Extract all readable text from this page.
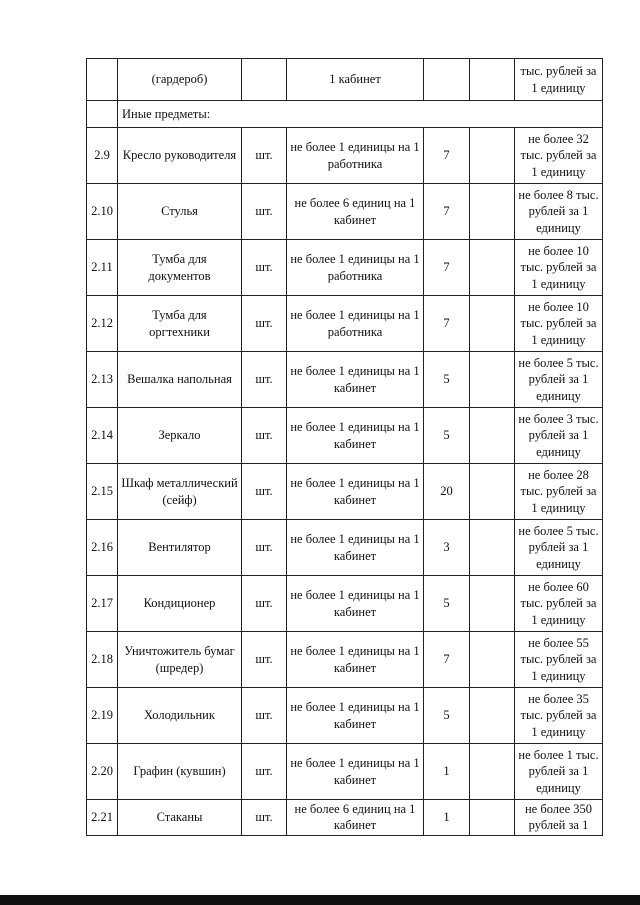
	(гардероб)		1 кабинет			тыс. рублей за 1 единицу
	Иные предметы:					
2.9	Кресло руководителя	шт.	не более 1 единицы на 1 работника	7		не более 32 тыс. рублей за 1 единицу
2.10	Стулья	шт.	не более 6 единиц на 1 кабинет	7		не более 8 тыс. рублей за 1 единицу
2.11	Тумба для документов	шт.	не более 1 единицы на 1 работника	7		не более 10 тыс. рублей за 1 единицу
2.12	Тумба для оргтехники	шт.	не более 1 единицы на 1 работника	7		не более 10 тыс. рублей за 1 единицу
2.13	Вешалка напольная	шт.	не более 1 единицы на 1 кабинет	5		не более 5 тыс. рублей за 1 единицу
2.14	Зеркало	шт.	не более 1 единицы на 1 кабинет	5		не более 3 тыс. рублей за 1 единицу
2.15	Шкаф металлический (сейф)	шт.	не более 1 единицы на 1 кабинет	20		не более 28 тыс. рублей за 1 единицу
2.16	Вентилятор	шт.	не более 1 единицы на 1 кабинет	3		не более 5 тыс. рублей за 1 единицу
2.17	Кондиционер	шт.	не более 1 единицы на 1 кабинет	5		не более 60 тыс. рублей за 1 единицу
2.18	Уничтожитель бумаг (шредер)	шт.	не более 1 единицы на 1 кабинет	7		не более 55 тыс. рублей за 1 единицу
2.19	Холодильник	шт.	не более 1 единицы на 1 кабинет	5		не более 35 тыс. рублей за 1 единицу
2.20	Графин (кувшин)	шт.	не более 1 единицы на 1 кабинет	1		не более 1 тыс. рублей за 1 единицу
2.21	Стаканы	шт.	не более 6 единиц на 1 кабинет	1		не более 350 рублей за 1
